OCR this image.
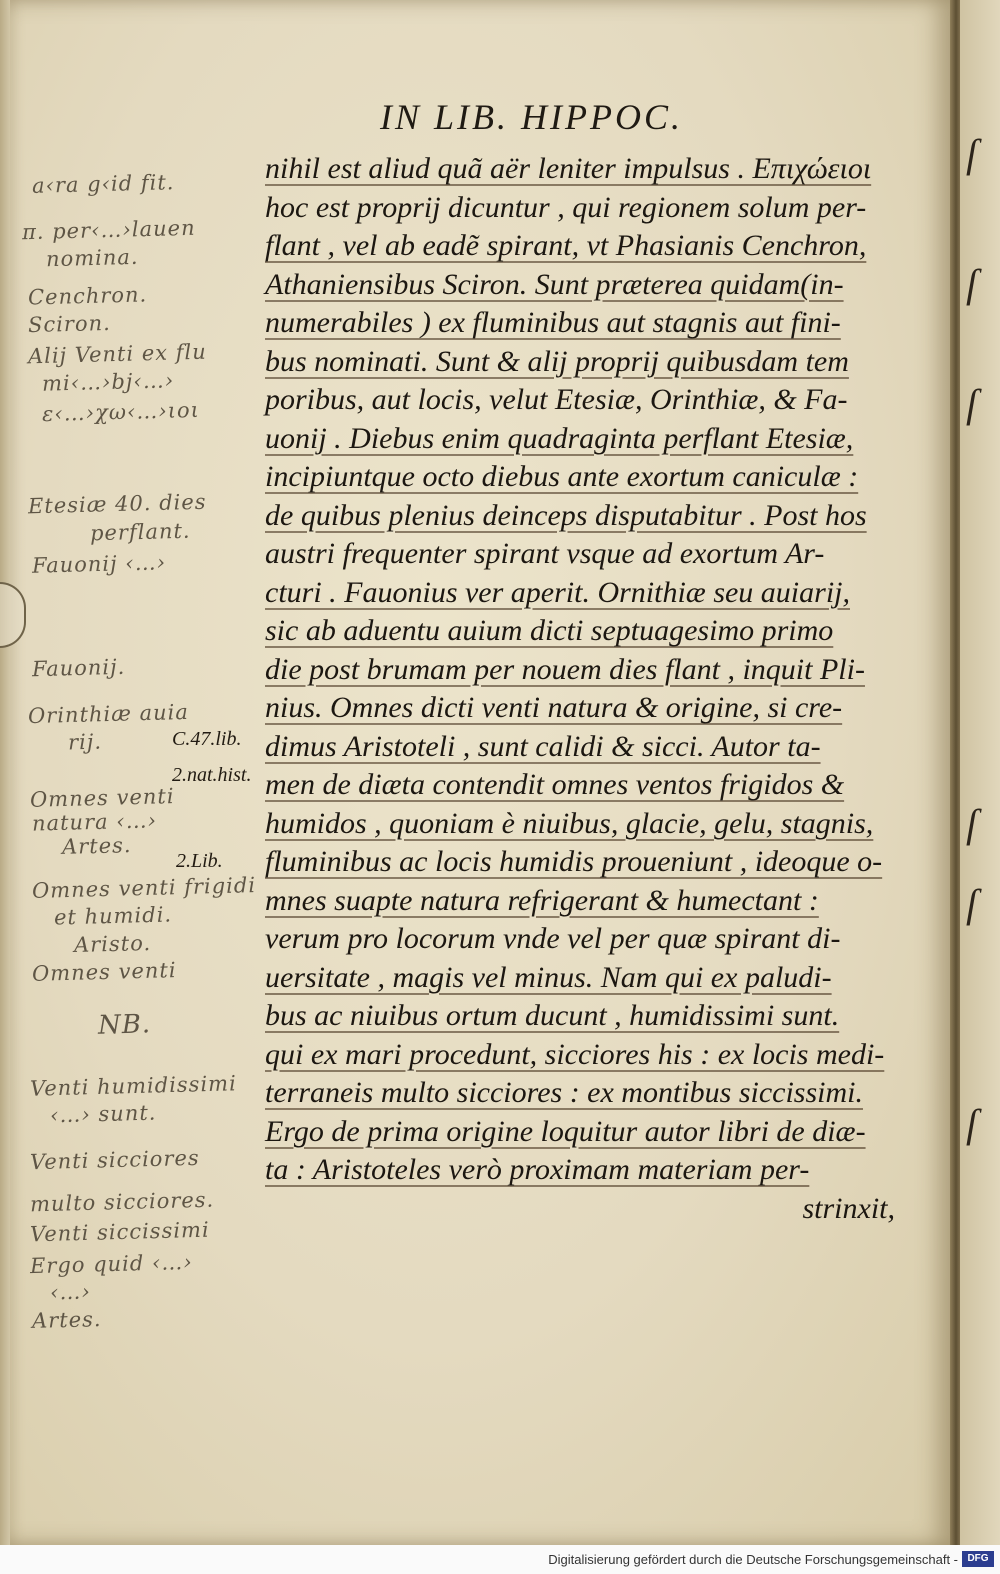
ſ
ſ
ſ
ſ
ſ
ſ
IN LIB. HIPPOC.
nihil est aliud quã aër leniter impulsus . Επιχώειοι
hoc est proprij dicuntur , qui regionem solum per-
flant , vel ab eadẽ spirant, vt Phasianis Cenchron,
Athaniensibus Sciron. Sunt præterea quidam(in-
numerabiles ) ex fluminibus aut stagnis aut fini-
bus nominati. Sunt & alij proprij quibusdam tem
poribus, aut locis, velut Etesiæ, Orinthiæ, & Fa-
uonij . Diebus enim quadraginta perflant Etesiæ,
incipiuntque octo diebus ante exortum caniculæ :
de quibus plenius deinceps disputabitur . Post hos
austri frequenter spirant vsque ad exortum Ar-
cturi . Fauonius ver aperit. Ornithiæ seu auiarij,
sic ab aduentu auium dicti septuagesimo primo
die post brumam per nouem dies flant , inquit Pli-
nius. Omnes dicti venti natura & origine, si cre-
dimus Aristoteli , sunt calidi & sicci. Autor ta-
men de diæta contendit omnes ventos frigidos &
humidos , quoniam è niuibus, glacie, gelu, stagnis,
fluminibus ac locis humidis proueniunt , ideoque o-
mnes suapte natura refrigerant & humectant :
verum pro locorum vnde vel per quæ spirant di-
uersitate , magis vel minus. Nam qui ex paludi-
bus ac niuibus ortum ducunt , humidissimi sunt.
qui ex mari procedunt, sicciores his : ex locis medi-
terraneis multo sicciores : ex montibus siccissimi.
Ergo de prima origine loquitur autor libri de diæ-
ta : Aristoteles verò proximam materiam per-
strinxit,
C.47.lib.
2.nat.hist.
2.Lib.
a‹ra g‹id fit.
π. per‹…›lauen
nomina.
Cenchron.
Sciron.
Alij Venti ex flu
mi‹…›bj‹…›
ε‹…›χω‹…›ιοι
Etesiæ 40. dies
perflant.
Fauonij ‹…›
Fauonij.
Orinthiæ auia
rij.
Omnes venti
natura ‹…›
Artes.
Omnes venti frigidi
et humidi.
Aristo.
Omnes venti
NB.
Venti humidissimi
‹…› sunt.
Venti sicciores
multo sicciores.
Venti siccissimi
Ergo quid ‹…›
‹…›
Artes.
Digitalisierung gefördert durch die Deutsche Forschungsgemeinschaft - DFG
